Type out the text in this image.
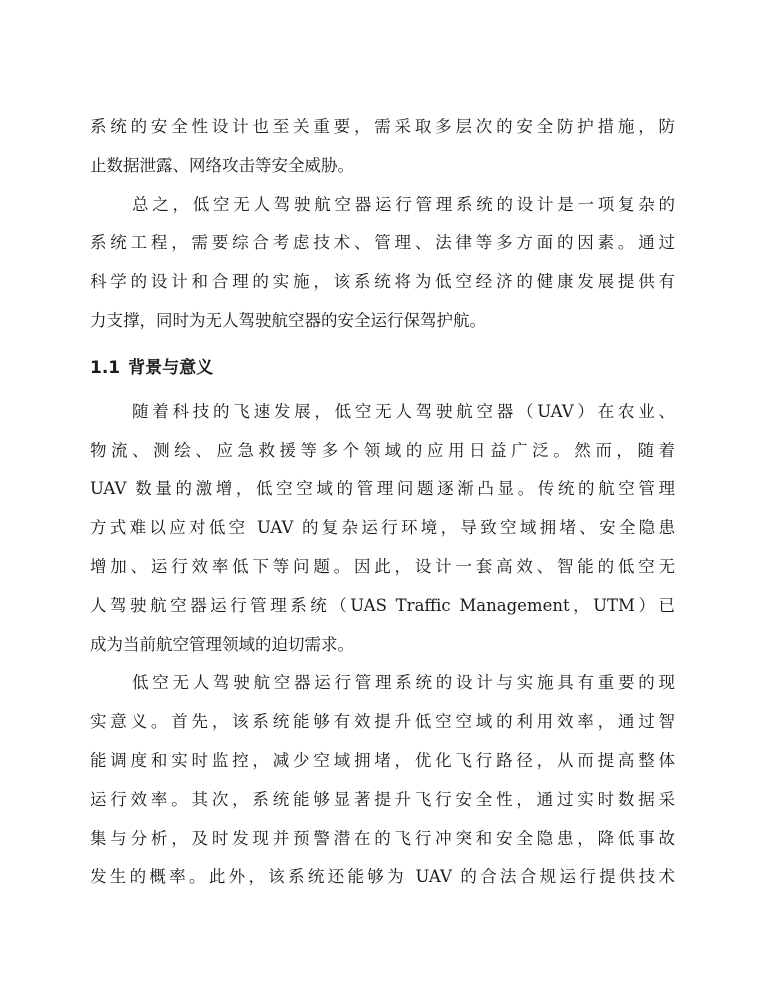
系统的安全性设计也至关重要，需采取多层次的安全防护措施，防
止数据泄露、网络攻击等安全威胁。
总之，低空无人驾驶航空器运行管理系统的设计是一项复杂的
系统工程，需要综合考虑技术、管理、法律等多方面的因素。通过
科学的设计和合理的实施，该系统将为低空经济的健康发展提供有
力支撑，同时为无人驾驶航空器的安全运行保驾护航。
1.1 背景与意义
随着科技的飞速发展，低空无人驾驶航空器（UAV）在农业、
物流、测绘、应急救援等多个领域的应用日益广泛。然而，随着
UAV 数量的激增，低空空域的管理问题逐渐凸显。传统的航空管理
方式难以应对低空 UAV 的复杂运行环境，导致空域拥堵、安全隐患
增加、运行效率低下等问题。因此，设计一套高效、智能的低空无
人驾驶航空器运行管理系统（UAS Traffic Management，UTM）已
成为当前航空管理领域的迫切需求。
低空无人驾驶航空器运行管理系统的设计与实施具有重要的现
实意义。首先，该系统能够有效提升低空空域的利用效率，通过智
能调度和实时监控，减少空域拥堵，优化飞行路径，从而提高整体
运行效率。其次，系统能够显著提升飞行安全性，通过实时数据采
集与分析，及时发现并预警潜在的飞行冲突和安全隐患，降低事故
发生的概率。此外，该系统还能够为 UAV 的合法合规运行提供技术
